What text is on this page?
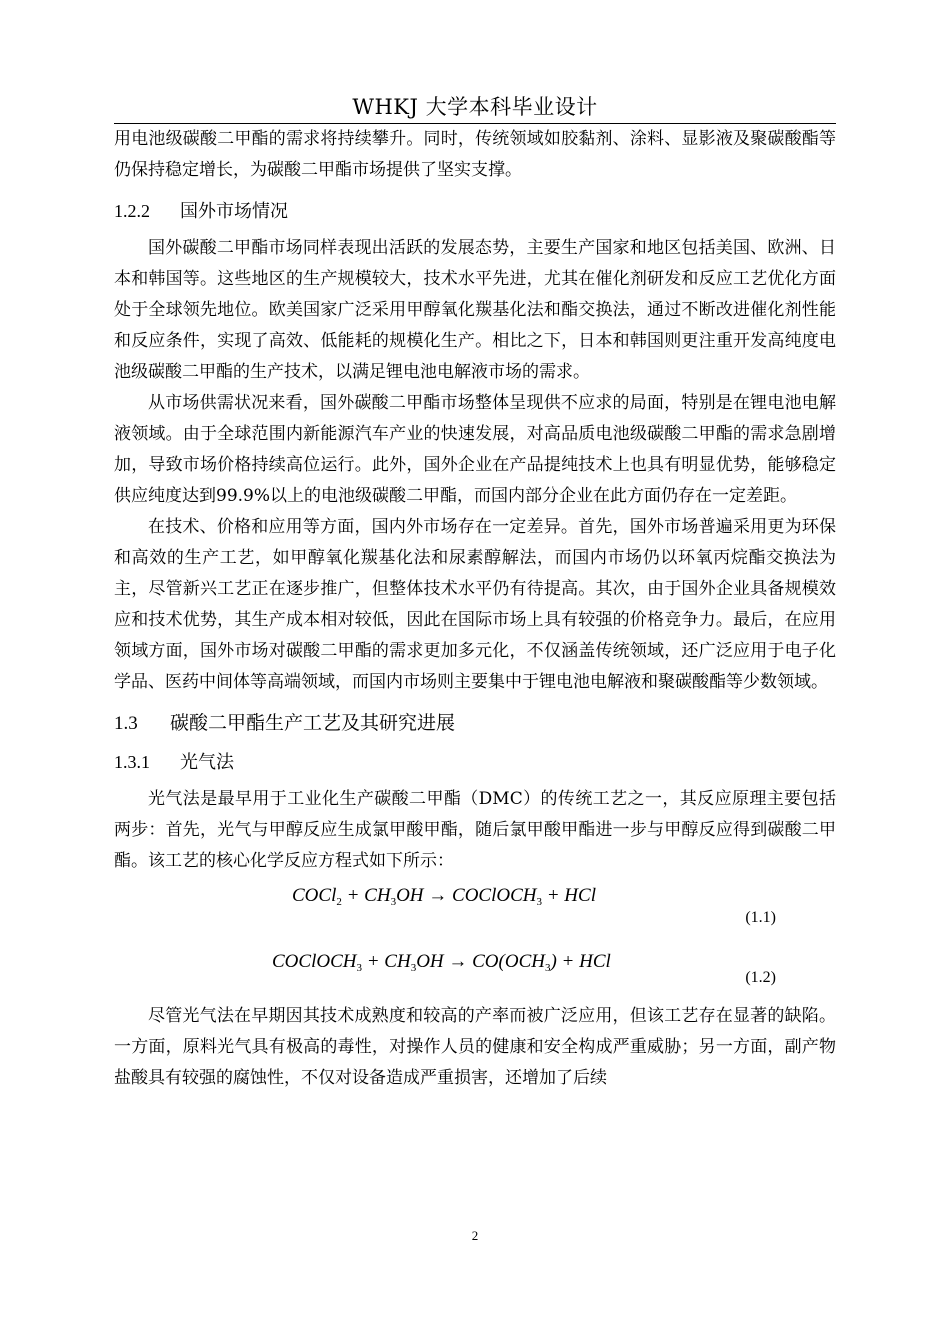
WHKJ 大学本科毕业设计

用电池级碳酸二甲酯的需求将持续攀升。同时，传统领域如胶黏剂、涂料、显影液及聚碳酸酯等仍保持稳定增长，为碳酸二甲酯市场提供了坚实支撑。

1.2.2 国外市场情况

国外碳酸二甲酯市场同样表现出活跃的发展态势，主要生产国家和地区包括美国、欧洲、日本和韩国等。这些地区的生产规模较大，技术水平先进，尤其在催化剂研发和反应工艺优化方面处于全球领先地位。欧美国家广泛采用甲醇氧化羰基化法和酯交换法，通过不断改进催化剂性能和反应条件，实现了高效、低能耗的规模化生产。相比之下，日本和韩国则更注重开发高纯度电池级碳酸二甲酯的生产技术，以满足锂电池电解液市场的需求。

从市场供需状况来看，国外碳酸二甲酯市场整体呈现供不应求的局面，特别是在锂电池电解液领域。由于全球范围内新能源汽车产业的快速发展，对高品质电池级碳酸二甲酯的需求急剧增加，导致市场价格持续高位运行。此外，国外企业在产品提纯技术上也具有明显优势，能够稳定供应纯度达到99.9%以上的电池级碳酸二甲酯，而国内部分企业在此方面仍存在一定差距。

在技术、价格和应用等方面，国内外市场存在一定差异。首先，国外市场普遍采用更为环保和高效的生产工艺，如甲醇氧化羰基化法和尿素醇解法，而国内市场仍以环氧丙烷酯交换法为主，尽管新兴工艺正在逐步推广，但整体技术水平仍有待提高。其次，由于国外企业具备规模效应和技术优势，其生产成本相对较低，因此在国际市场上具有较强的价格竞争力。最后，在应用领域方面，国外市场对碳酸二甲酯的需求更加多元化，不仅涵盖传统领域，还广泛应用于电子化学品、医药中间体等高端领域，而国内市场则主要集中于锂电池电解液和聚碳酸酯等少数领域。

1.3 碳酸二甲酯生产工艺及其研究进展
1.3.1 光气法

光气法是最早用于工业化生产碳酸二甲酯（DMC）的传统工艺之一，其反应原理主要包括两步：首先，光气与甲醇反应生成氯甲酸甲酯，随后氯甲酸甲酯进一步与甲醇反应得到碳酸二甲酯。该工艺的核心化学反应方程式如下所示：

COCl$_2$ + $CH_3OH$ → COClOCH$_3$ + HCl
(1.1)
COClOCH$_3$ + $CH_3OH \to CO(OCH_3)$ + HCl
(1.2)

尽管光气法在早期因其技术成熟度和较高的产率而被广泛应用，但该工艺存在显著的缺陷。一方面，原料光气具有极高的毒性，对操作人员的健康和安全构成严重威胁；另一方面，副产物盐酸具有较强的腐蚀性，不仅对设备造成严重损害，还增加了后续

2
